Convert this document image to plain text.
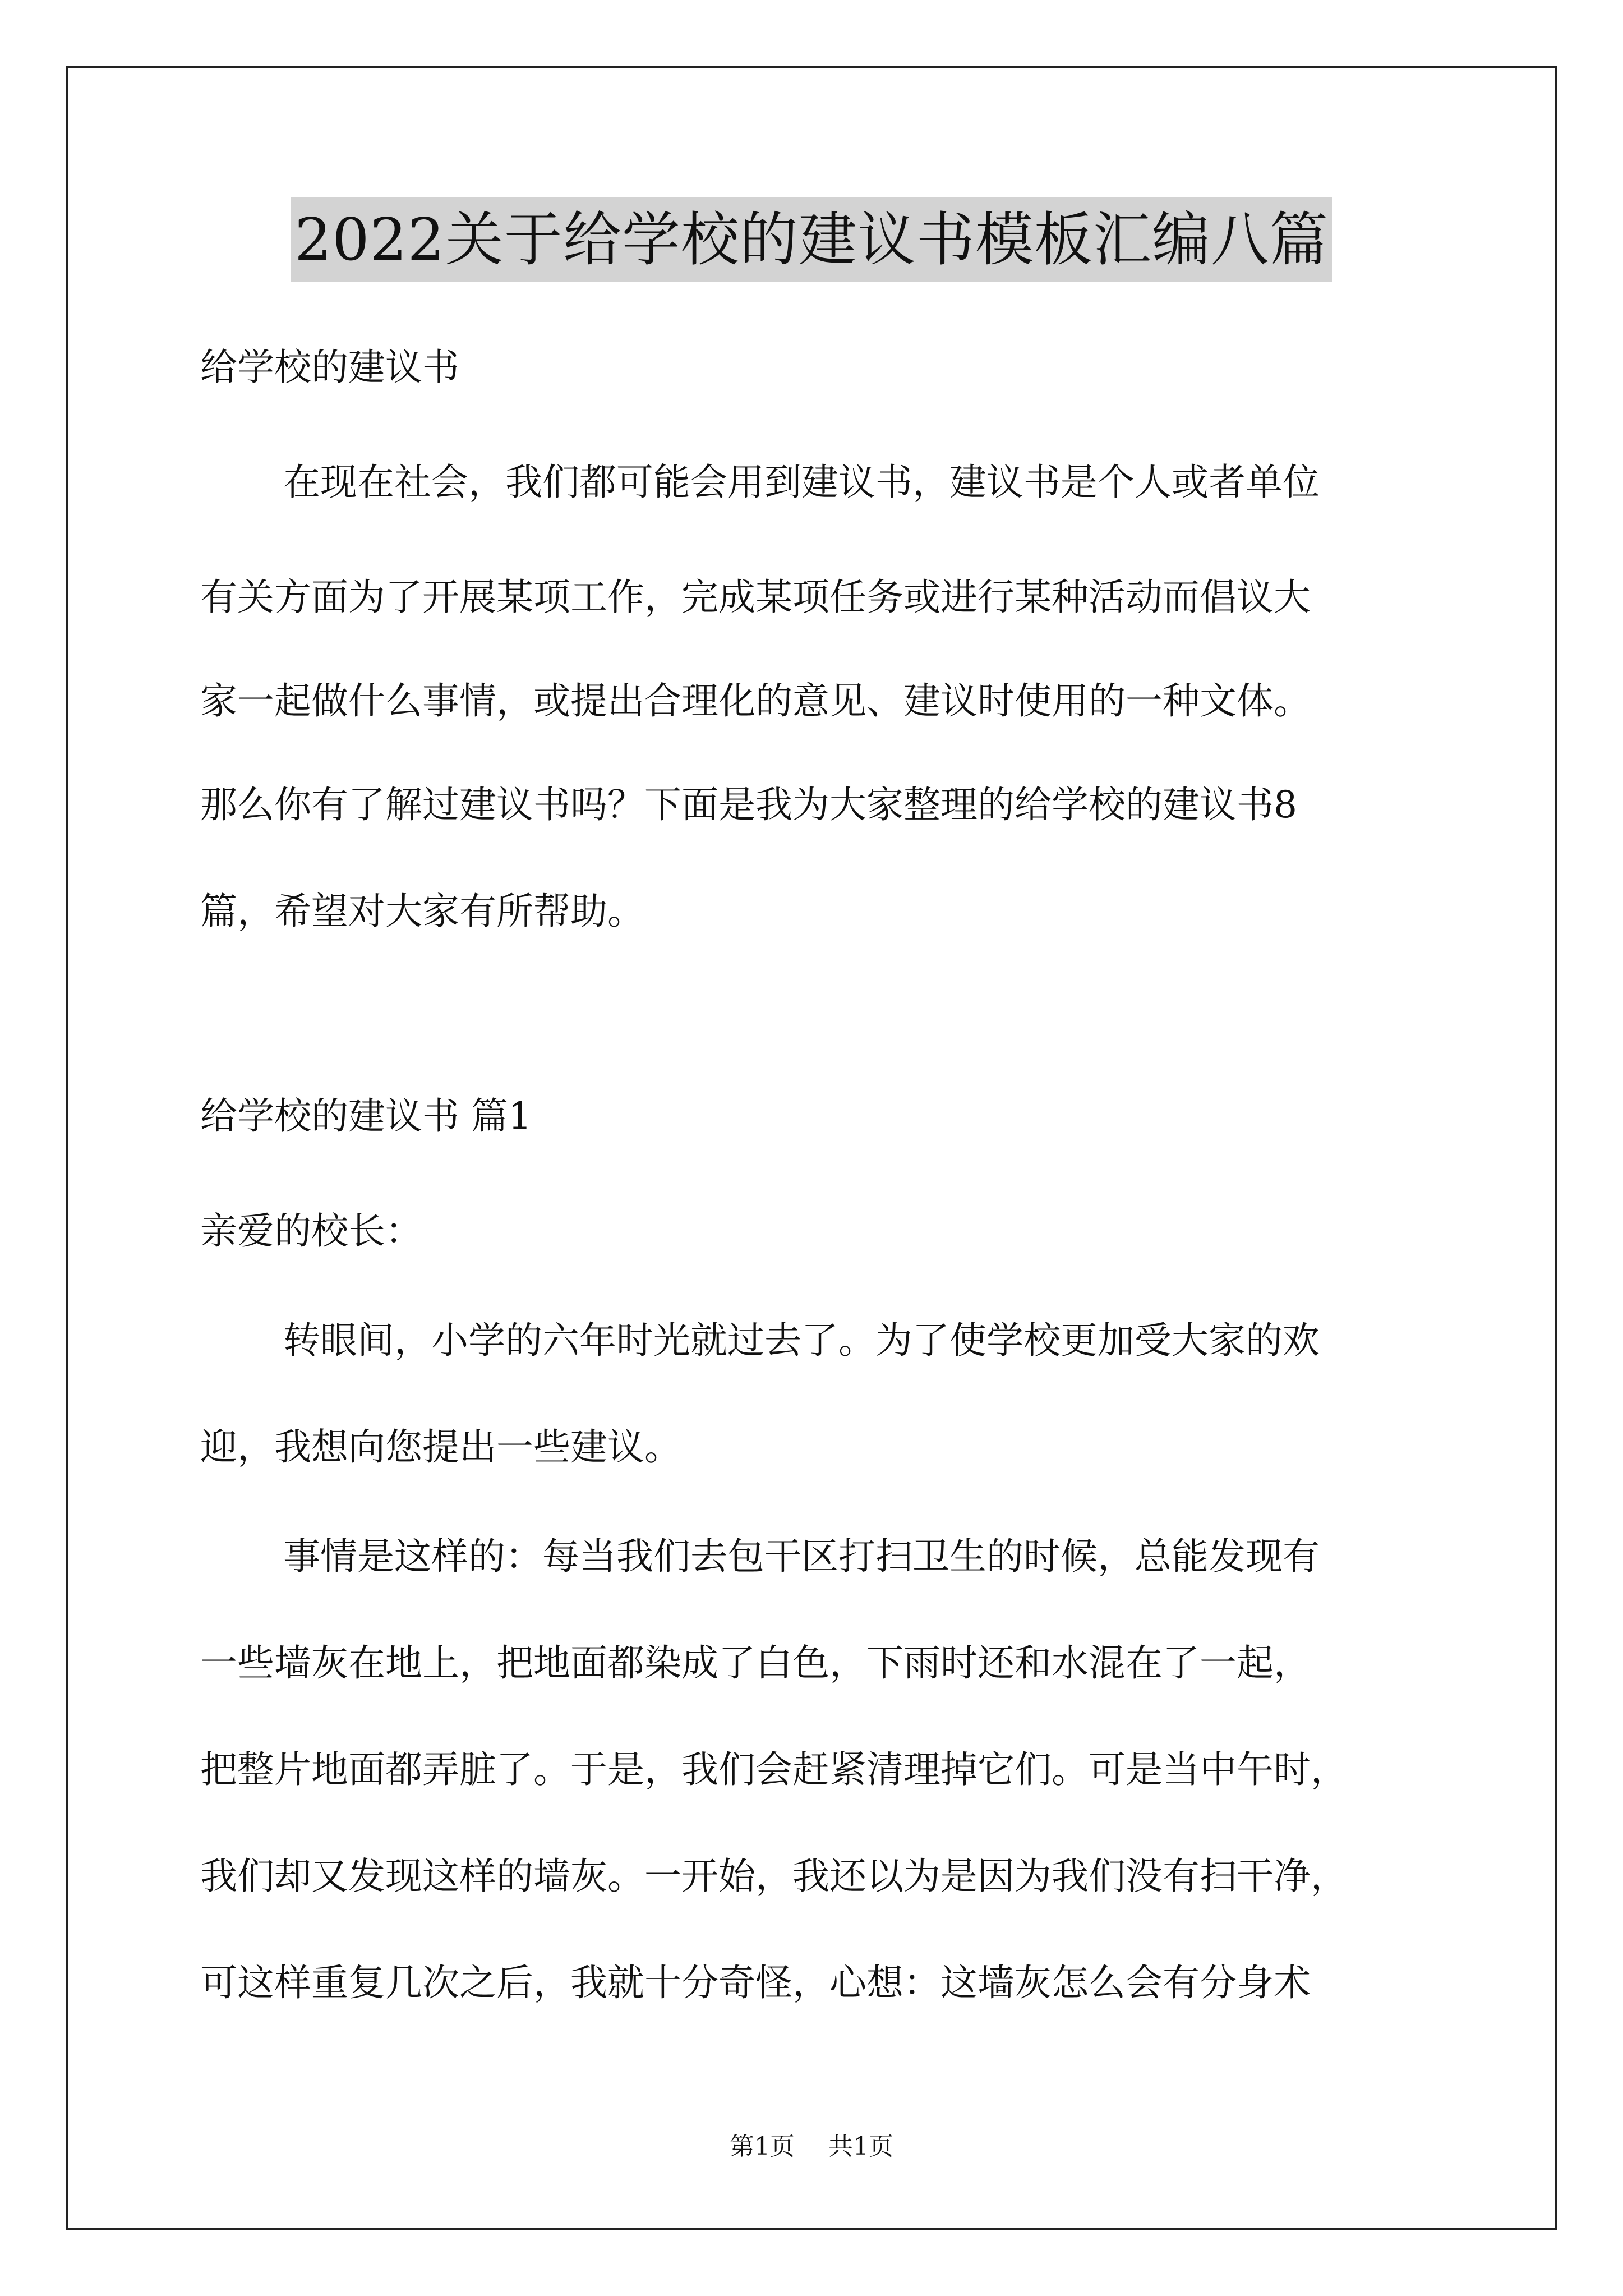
2022关于给学校的建议书模板汇编八篇
给学校的建议书
在现在社会，我们都可能会用到建议书，建议书是个人或者单位
有关方面为了开展某项工作，完成某项任务或进行某种活动而倡议大
家一起做什么事情，或提出合理化的意见、建议时使用的一种文体。
那么你有了解过建议书吗？下面是我为大家整理的给学校的建议书8
篇，希望对大家有所帮助。
给学校的建议书 篇1
亲爱的校长：
转眼间，小学的六年时光就过去了。为了使学校更加受大家的欢
迎，我想向您提出一些建议。
事情是这样的：每当我们去包干区打扫卫生的时候，总能发现有
一些墙灰在地上，把地面都染成了白色，下雨时还和水混在了一起，
把整片地面都弄脏了。于是，我们会赶紧清理掉它们。可是当中午时，
我们却又发现这样的墙灰。一开始，我还以为是因为我们没有扫干净，
可这样重复几次之后，我就十分奇怪，心想：这墙灰怎么会有分身术
第1页 共1页
